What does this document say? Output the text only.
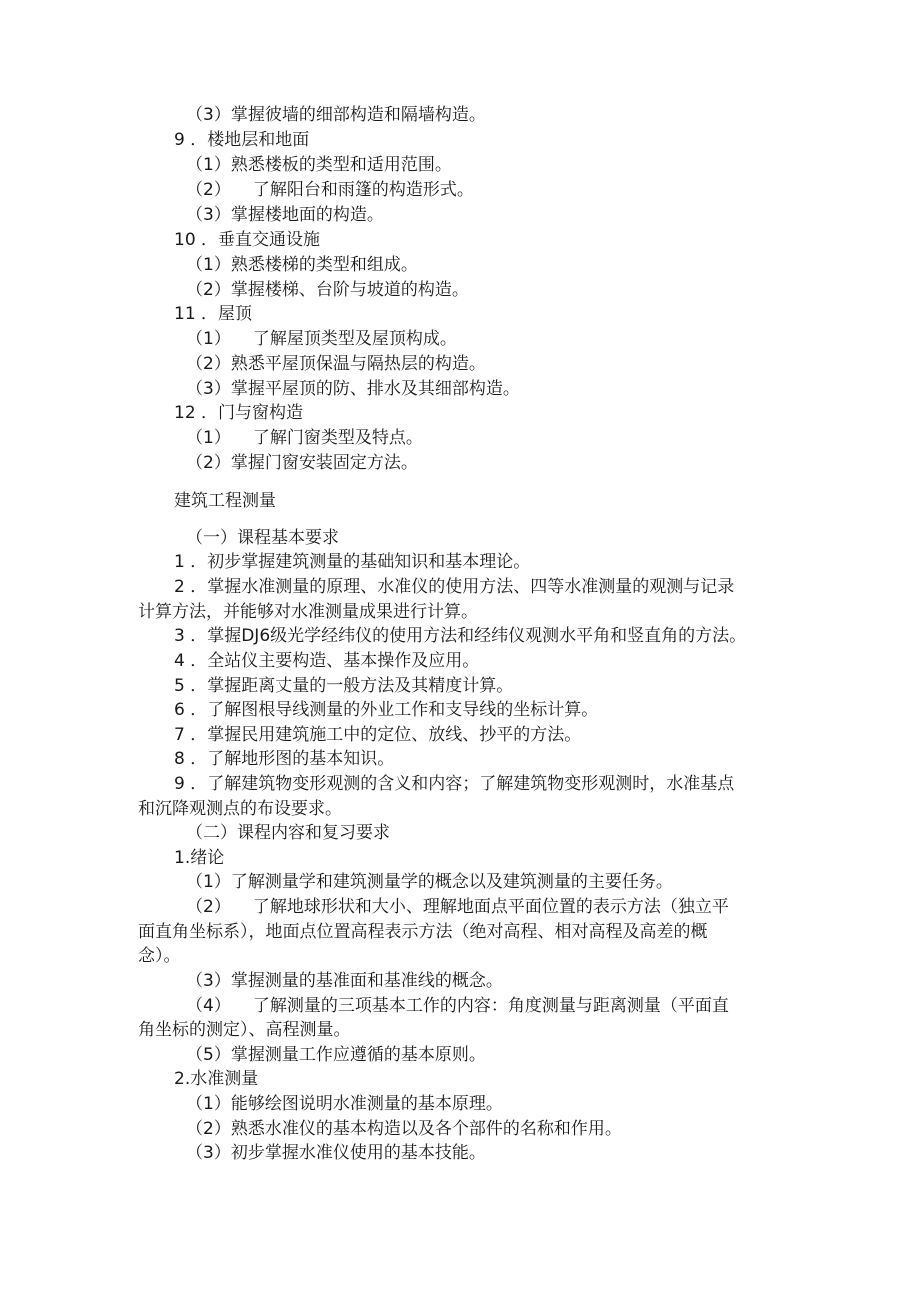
（3）掌握彼墙的细部构造和隔墙构造。
9 ．楼地层和地面
（1）熟悉楼板的类型和适用范围。
（2） 了解阳台和雨篷的构造形式。
（3）掌握楼地面的构造。
10 ．垂直交通设施
（1）熟悉楼梯的类型和组成。
（2）掌握楼梯、台阶与坡道的构造。
11 ．屋顶
（1） 了解屋顶类型及屋顶构成。
（2）熟悉平屋顶保温与隔热层的构造。
（3）掌握平屋顶的防、排水及其细部构造。
12 ．门与窗构造
（1） 了解门窗类型及特点。
（2）掌握门窗安装固定方法。
建筑工程测量
（一）课程基本要求
1 ．初步掌握建筑测量的基础知识和基本理论。
2 ．掌握水准测量的原理、水准仪的使用方法、四等水准测量的观测与记录
计算方法，并能够对水准测量成果进行计算。
3 ．掌握DJ6级光学经纬仪的使用方法和经纬仪观测水平角和竖直角的方法。
4 ．全站仪主要构造、基本操作及应用。
5 ．掌握距离丈量的一般方法及其精度计算。
6 ．了解图根导线测量的外业工作和支导线的坐标计算。
7 ．掌握民用建筑施工中的定位、放线、抄平的方法。
8 ．了解地形图的基本知识。
9 ．了解建筑物变形观测的含义和内容；了解建筑物变形观测时，水准基点
和沉降观测点的布设要求。
（二）课程内容和复习要求
1.绪论
（1）了解测量学和建筑测量学的概念以及建筑测量的主要任务。
（2） 了解地球形状和大小、理解地面点平面位置的表示方法（独立平
面直角坐标系），地面点位置高程表示方法（绝对高程、相对高程及高差的概
念）。
（3）掌握测量的基准面和基准线的概念。
（4） 了解测量的三项基本工作的内容：角度测量与距离测量（平面直
角坐标的测定）、高程测量。
（5）掌握测量工作应遵循的基本原则。
2.水准测量
（1）能够绘图说明水准测量的基本原理。
（2）熟悉水准仪的基本构造以及各个部件的名称和作用。
（3）初步掌握水准仪使用的基本技能。
